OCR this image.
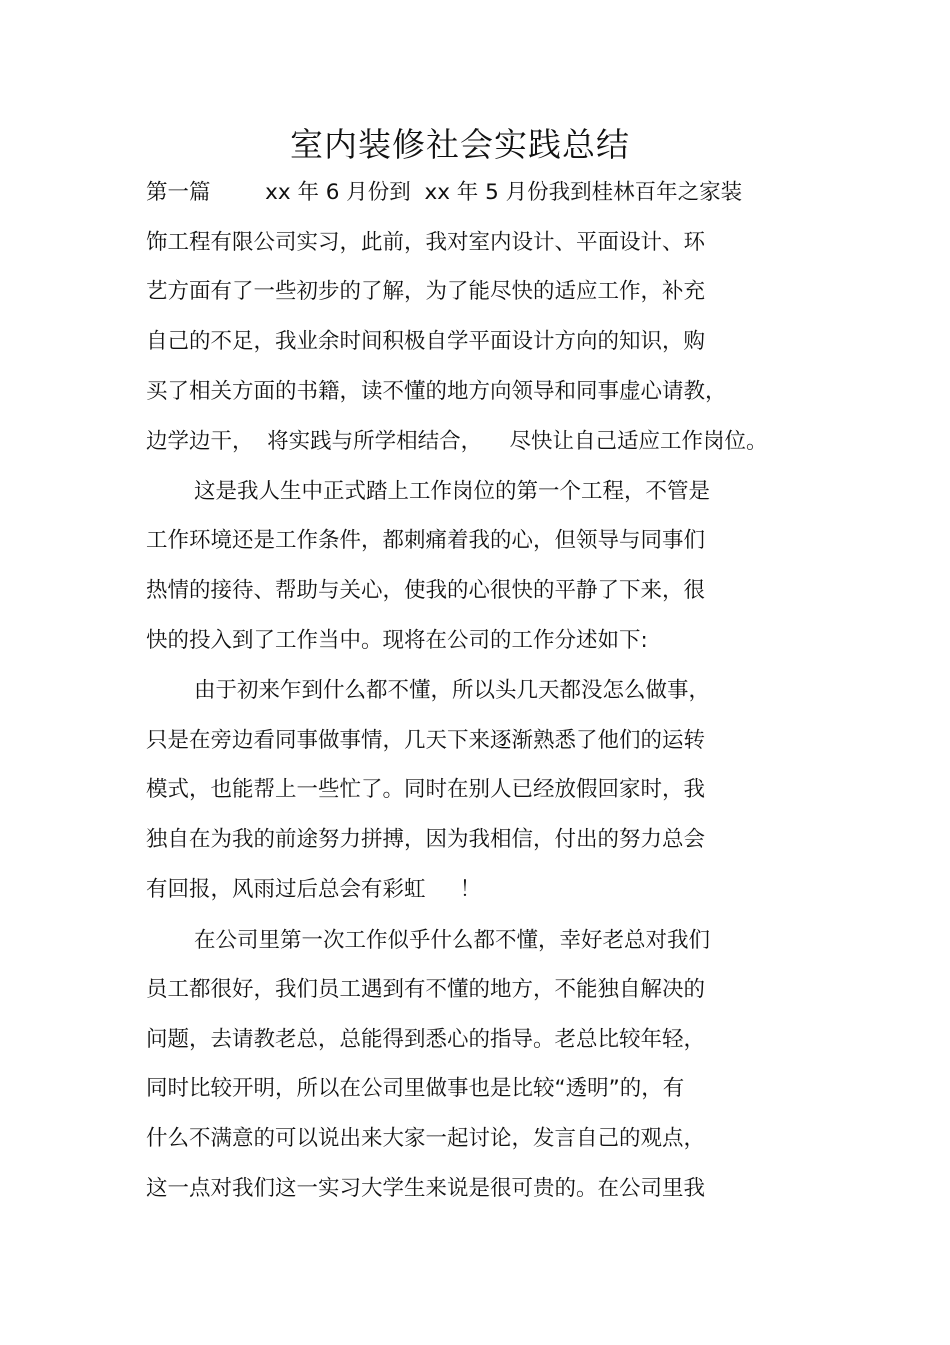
室内装修社会实践总结
第一篇        xx 年 6 月份到  xx 年 5 月份我到桂林百年之家装
饰工程有限公司实习，此前，我对室内设计、平面设计、环
艺方面有了一些初步的了解，为了能尽快的适应工作，补充
自己的不足，我业余时间积极自学平面设计方向的知识，购
买了相关方面的书籍，读不懂的地方向领导和同事虚心请教，
边学边干，  将实践与所学相结合，    尽快让自己适应工作岗位。
这是我人生中正式踏上工作岗位的第一个工程，不管是
工作环境还是工作条件，都刺痛着我的心，但领导与同事们
热情的接待、帮助与关心，使我的心很快的平静了下来，很
快的投入到了工作当中。现将在公司的工作分述如下:
由于初来乍到什么都不懂，所以头几天都没怎么做事，
只是在旁边看同事做事情，几天下来逐渐熟悉了他们的运转
模式，也能帮上一些忙了。同时在别人已经放假回家时，我
独自在为我的前途努力拼搏，因为我相信，付出的努力总会
有回报，风雨过后总会有彩虹     ！
在公司里第一次工作似乎什么都不懂，幸好老总对我们
员工都很好，我们员工遇到有不懂的地方，不能独自解决的
问题，去请教老总，总能得到悉心的指导。老总比较年轻，
同时比较开明，所以在公司里做事也是比较“透明”的，有
什么不满意的可以说出来大家一起讨论，发言自己的观点，
这一点对我们这一实习大学生来说是很可贵的。在公司里我
